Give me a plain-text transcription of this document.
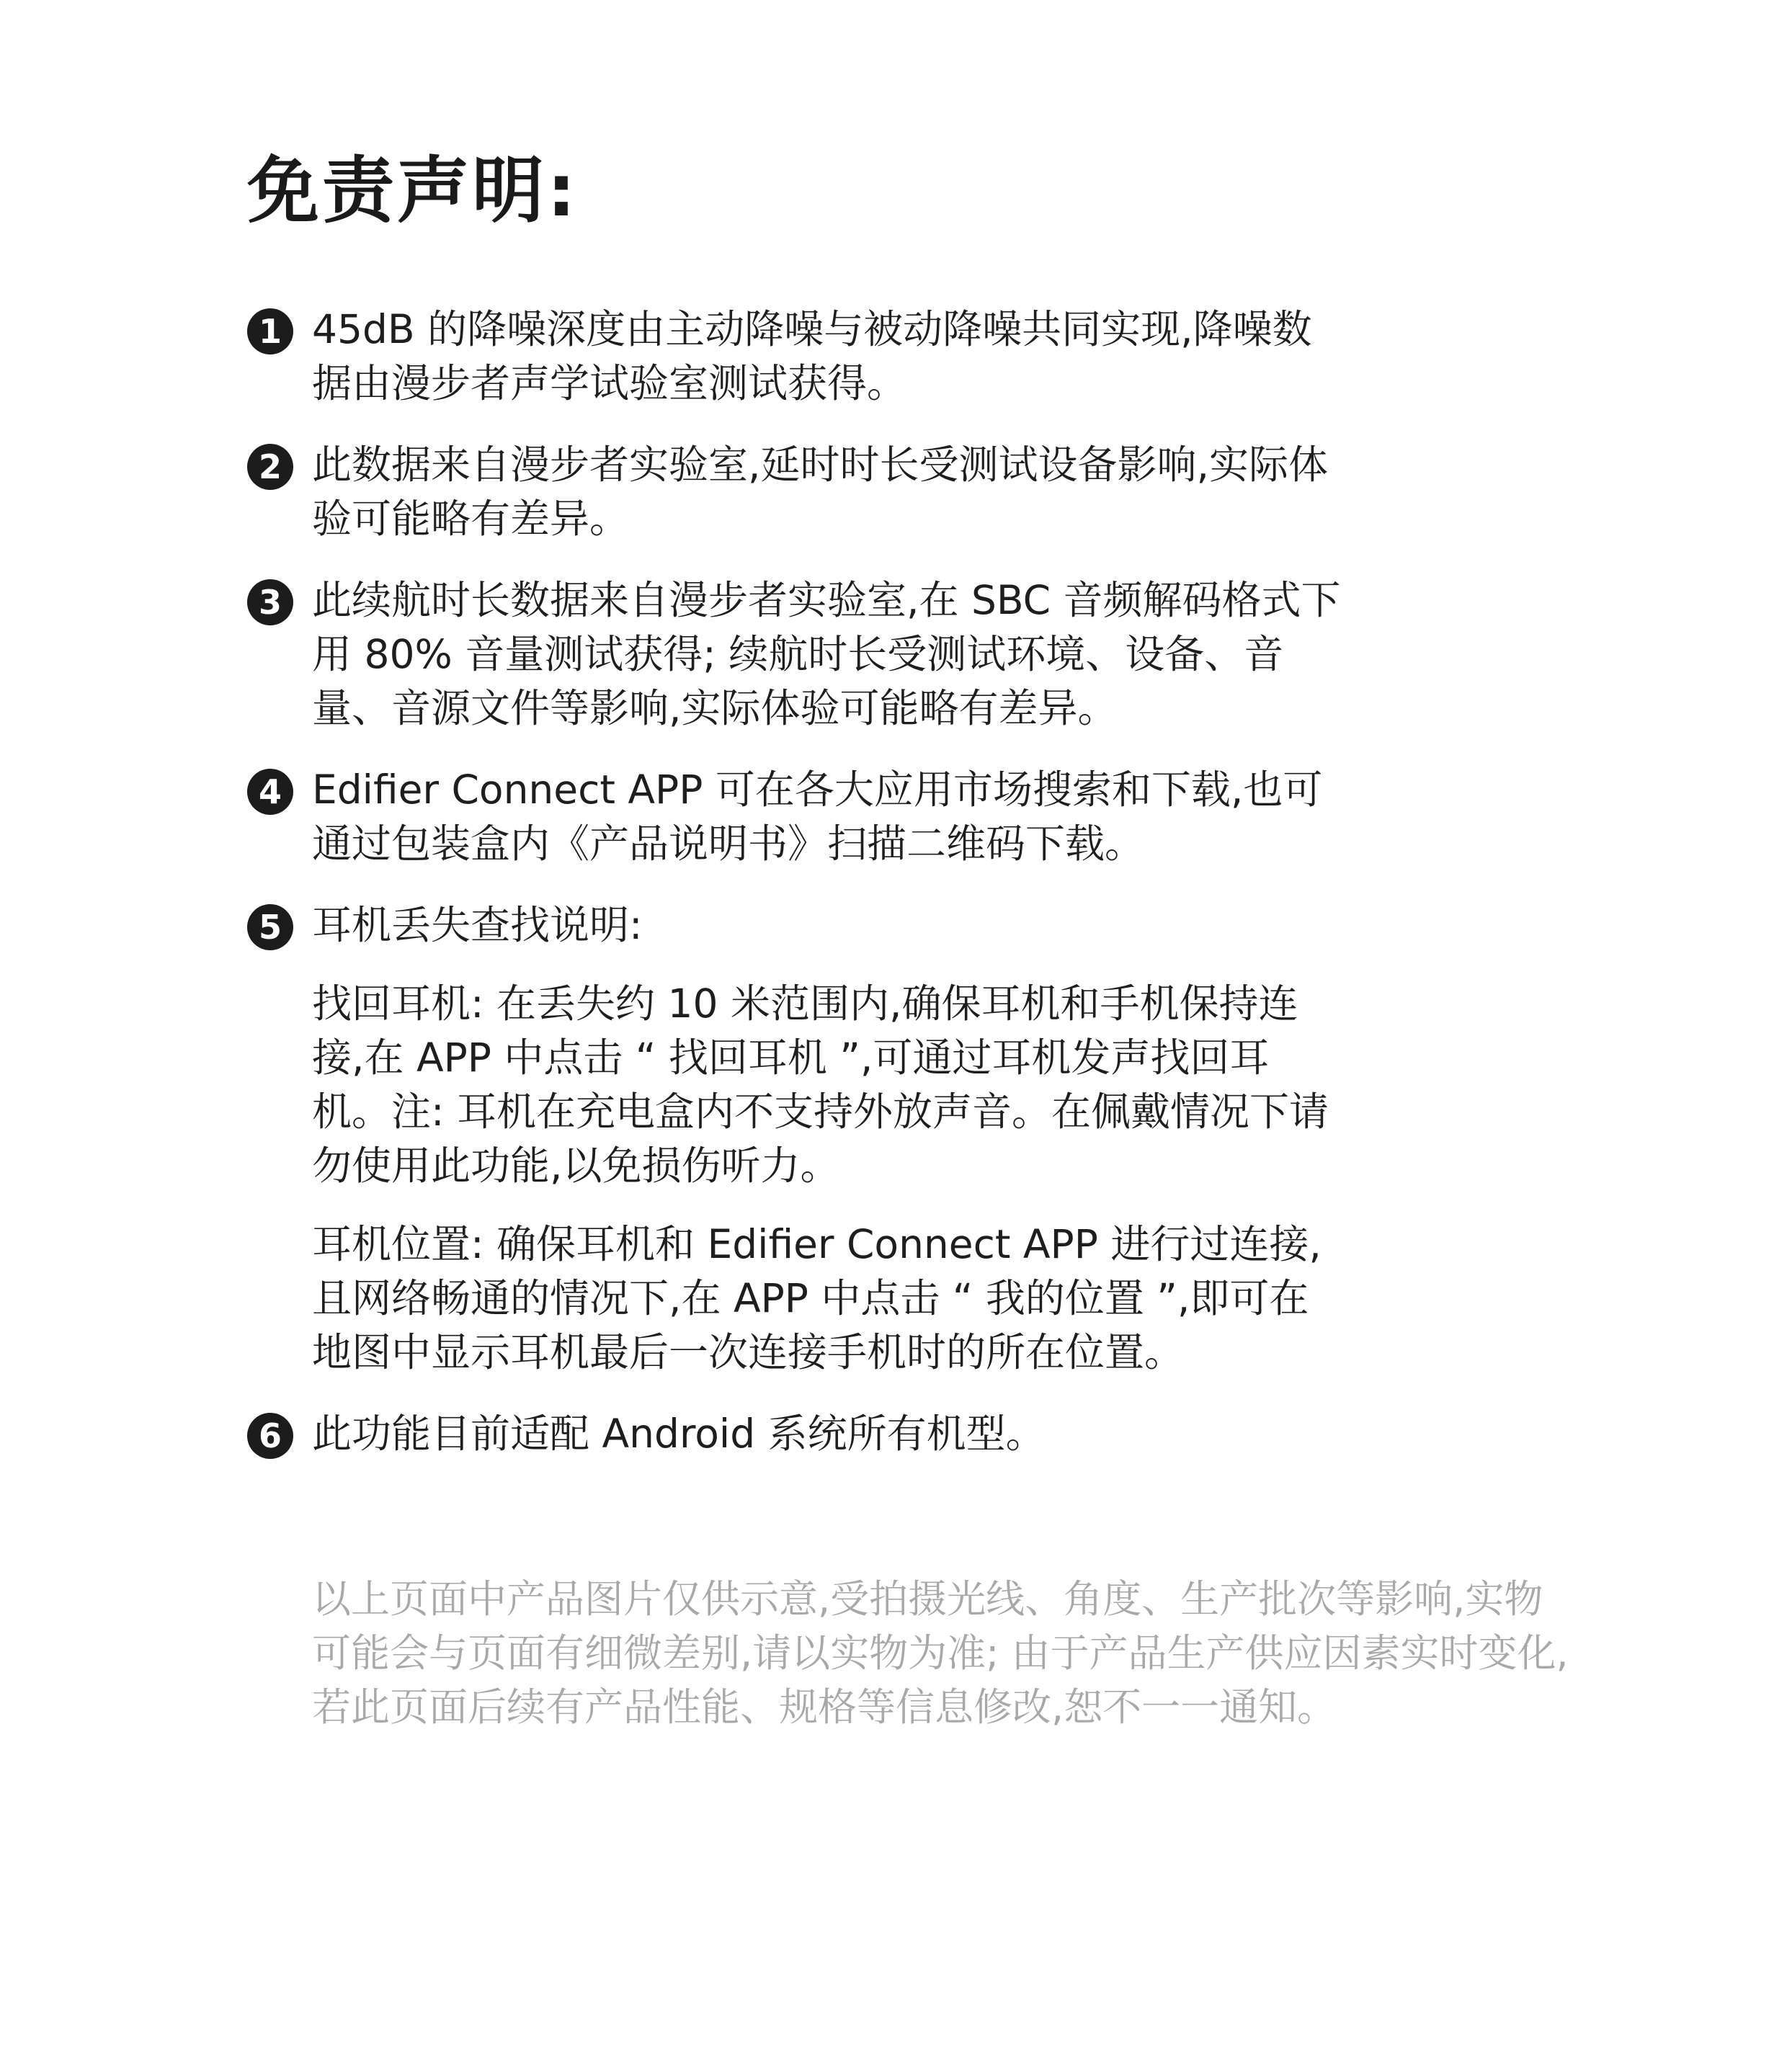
免责声明:
1 45dB 的降噪深度由主动降噪与被动降噪共同实现,降噪数据由漫步者声学试验室测试获得。

2 此数据来自漫步者实验室,延时时长受测试设备影响,实际体验可能略有差异。

3 此续航时长数据来自漫步者实验室,在 SBC 音频解码格式下用 80% 音量测试获得; 续航时长受测试环境、设备、音量、音源文件等影响,实际体验可能略有差异。

4 Edifier Connect APP 可在各大应用市场搜索和下载,也可通过包装盒内《产品说明书》扫描二维码下载。

5 耳机丢失查找说明:

找回耳机: 在丢失约 10 米范围内,确保耳机和手机保持连接,在 APP 中点击 “ 找回耳机 ”,可通过耳机发声找回耳机。注: 耳机在充电盒内不支持外放声音。在佩戴情况下请勿使用此功能,以免损伤听力。

耳机位置: 确保耳机和 Edifier Connect APP 进行过连接,且网络畅通的情况下,在 APP 中点击 “ 我的位置 ”,即可在地图中显示耳机最后一次连接手机时的所在位置。

6 此功能目前适配 Android 系统所有机型。

以上页面中产品图片仅供示意,受拍摄光线、角度、生产批次等影响,实物可能会与页面有细微差别,请以实物为准; 由于产品生产供应因素实时变化,若此页面后续有产品性能、规格等信息修改,恕不一一通知。
